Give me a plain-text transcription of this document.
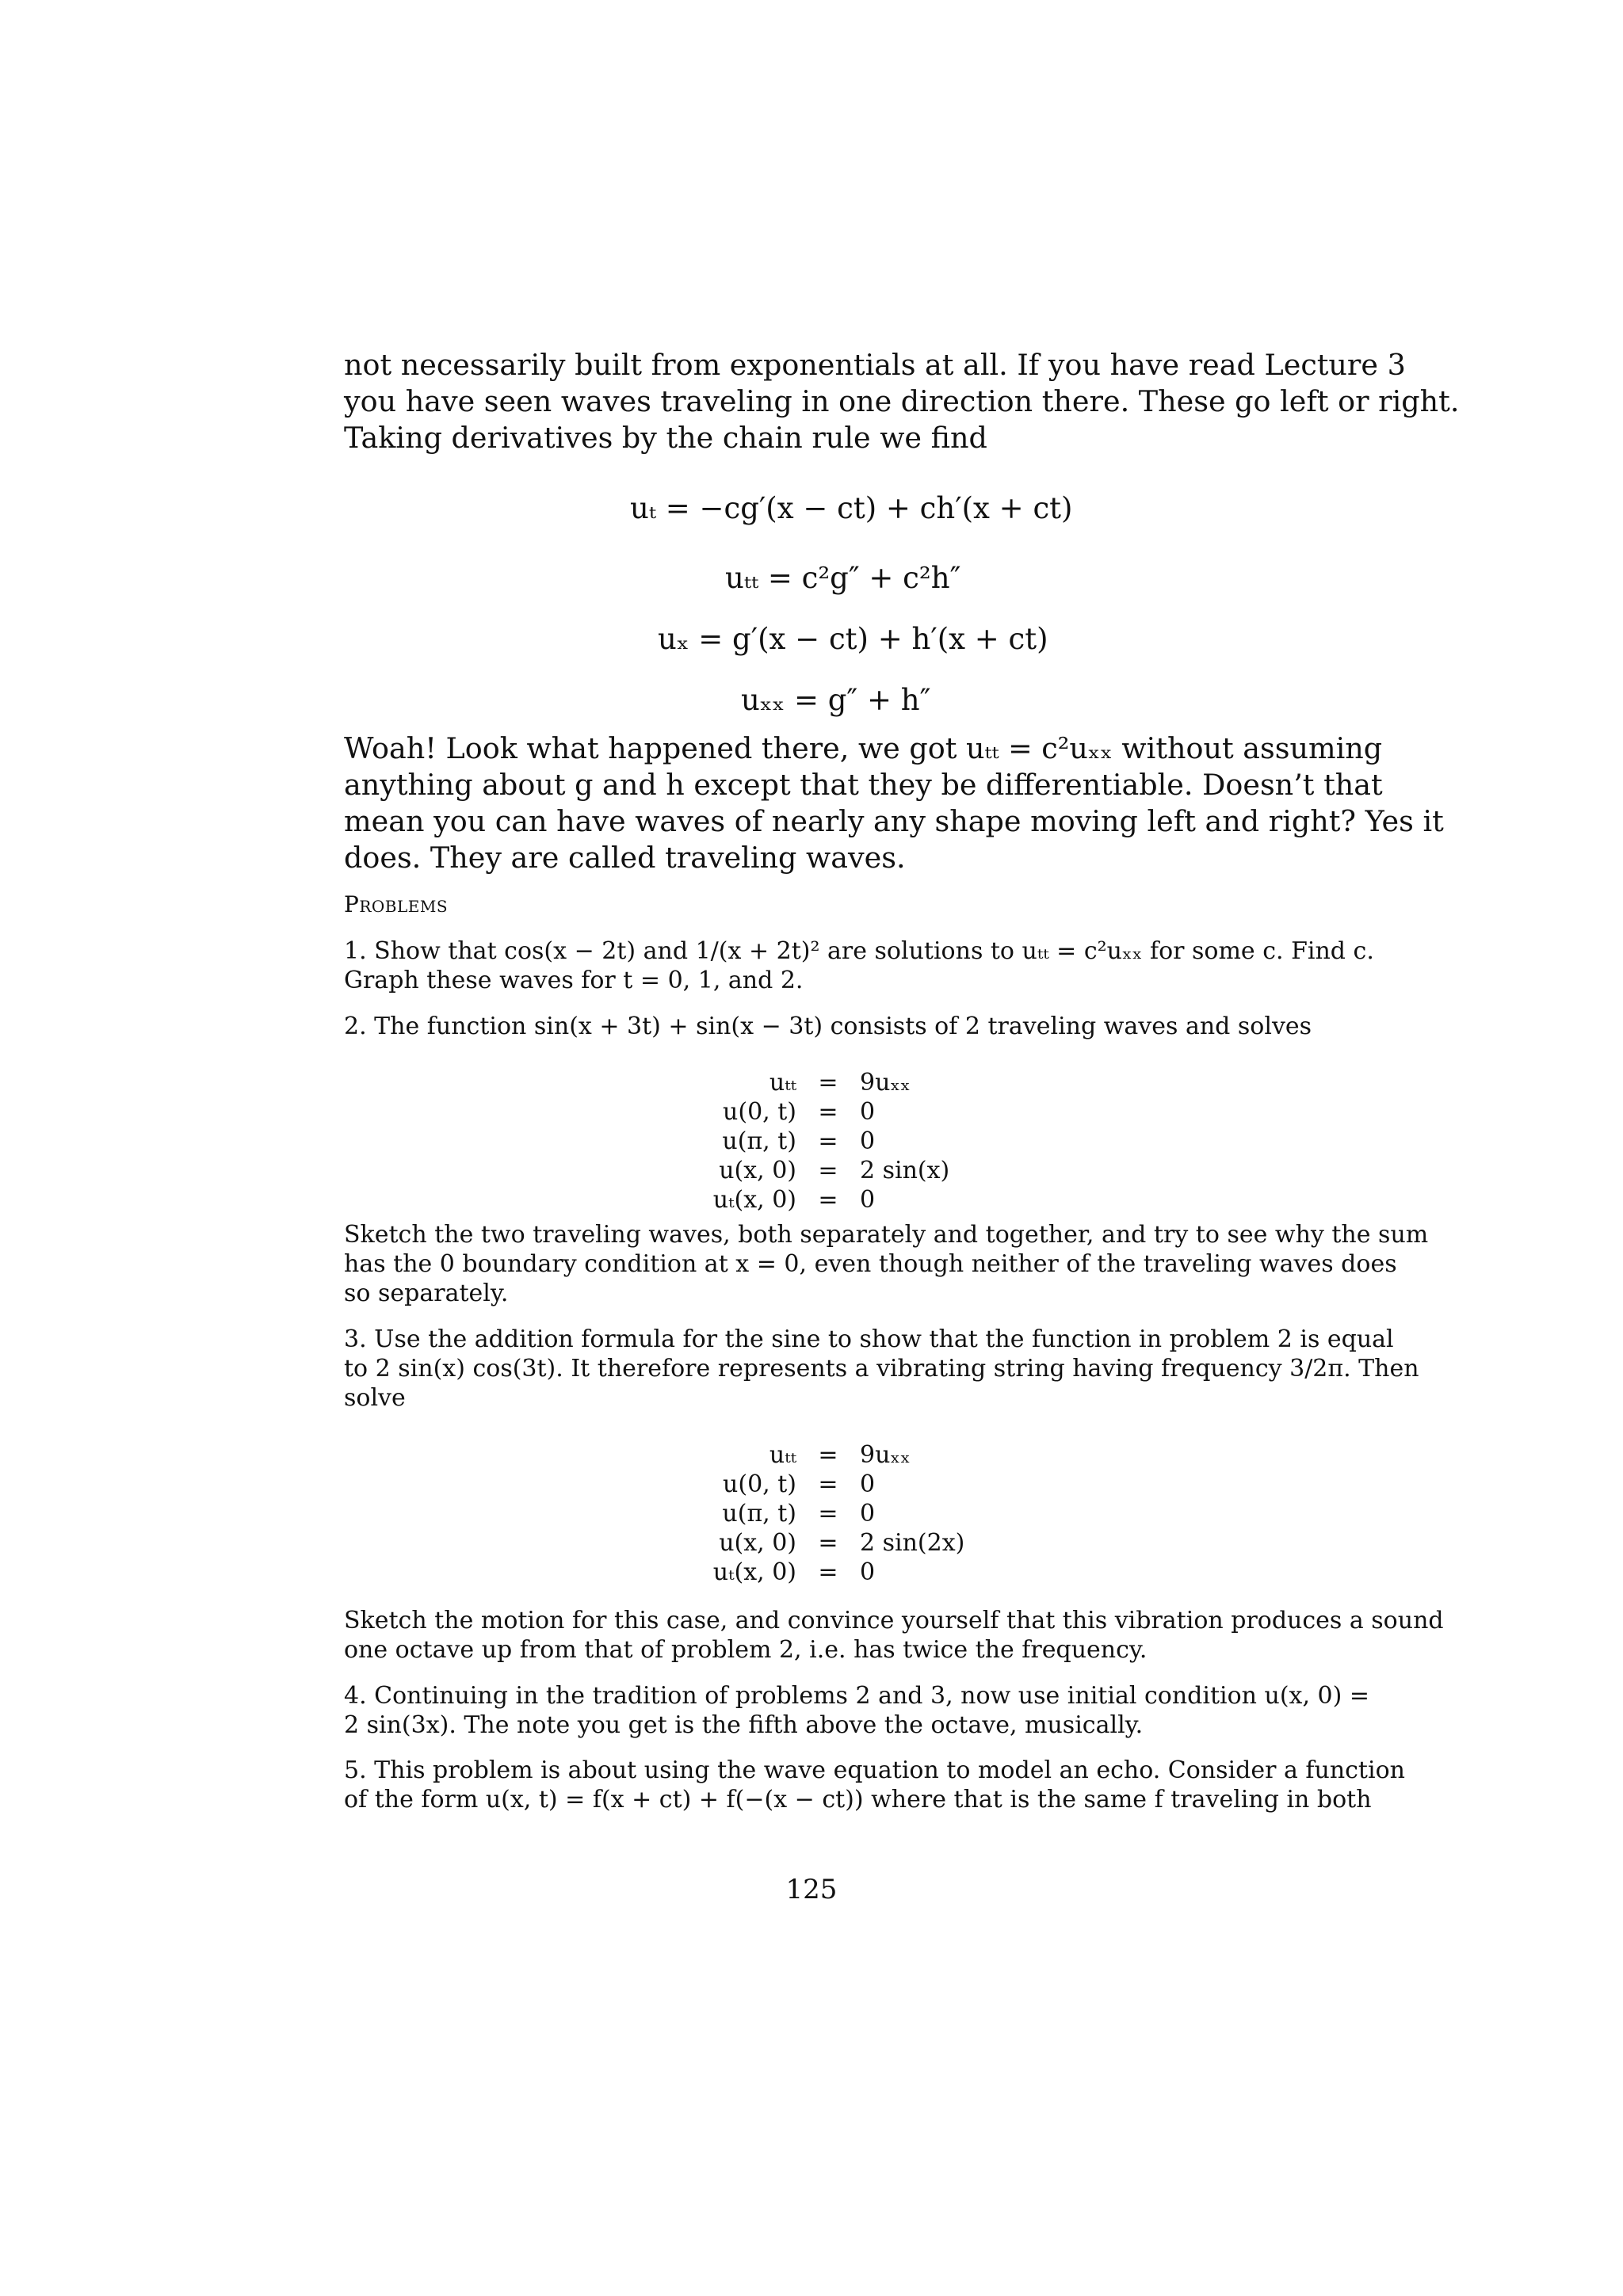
not necessarily built from exponentials at all. If you have read Lecture 3
you have seen waves traveling in one direction there. These go left or right.
Taking derivatives by the chain rule we find
uₜ = −cg′(x − ct) + ch′(x + ct)
uₜₜ = c²g″ + c²h″
uₓ = g′(x − ct) + h′(x + ct)
uₓₓ = g″ + h″
Woah! Look what happened there, we got uₜₜ = c²uₓₓ without assuming
anything about g and h except that they be differentiable. Doesn’t that
mean you can have waves of nearly any shape moving left and right? Yes it
does. They are called traveling waves.
Problems
1. Show that cos(x − 2t) and 1/(x + 2t)² are solutions to uₜₜ = c²uₓₓ for some c. Find c.
Graph these waves for t = 0, 1, and 2.
2. The function sin(x + 3t) + sin(x − 3t) consists of 2 traveling waves and solves
uₜₜ = 9uₓₓ
u(0, t) = 0
u(π, t) = 0
u(x, 0) = 2 sin(x)
uₜ(x, 0) = 0
Sketch the two traveling waves, both separately and together, and try to see why the sum
has the 0 boundary condition at x = 0, even though neither of the traveling waves does
so separately.
3. Use the addition formula for the sine to show that the function in problem 2 is equal
to 2 sin(x) cos(3t). It therefore represents a vibrating string having frequency 3/2π. Then
solve
uₜₜ = 9uₓₓ
u(0, t) = 0
u(π, t) = 0
u(x, 0) = 2 sin(2x)
uₜ(x, 0) = 0
Sketch the motion for this case, and convince yourself that this vibration produces a sound
one octave up from that of problem 2, i.e. has twice the frequency.
4. Continuing in the tradition of problems 2 and 3, now use initial condition u(x, 0) =
2 sin(3x). The note you get is the fifth above the octave, musically.
5. This problem is about using the wave equation to model an echo. Consider a function
of the form u(x, t) = f(x + ct) + f(−(x − ct)) where that is the same f traveling in both
125
